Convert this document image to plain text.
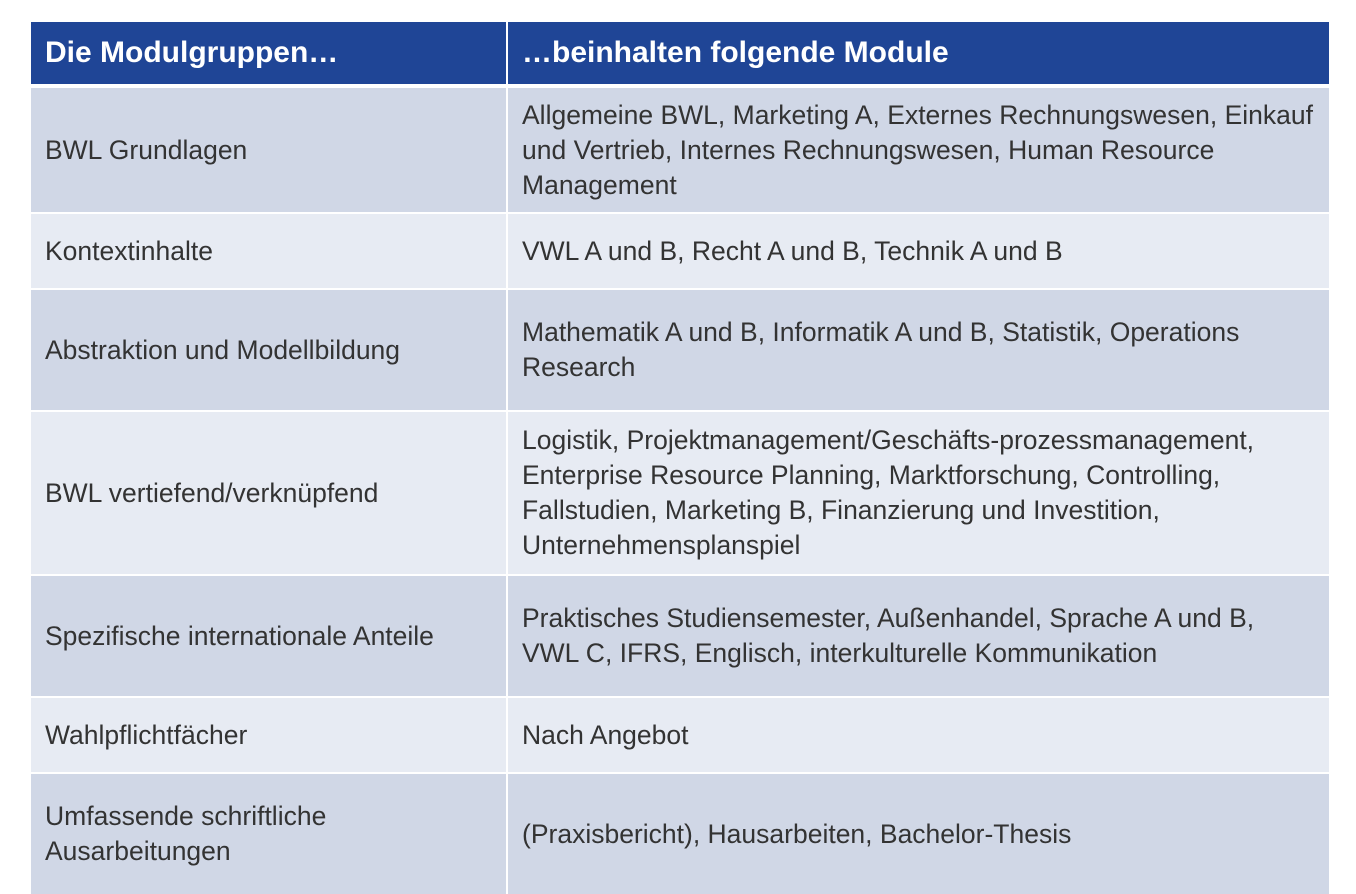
Die Modulgruppen…	…beinhalten folgende Module
BWL Grundlagen	Allgemeine BWL, Marketing A, Externes Rechnungswesen, Einkauf und Vertrieb, Internes Rechnungswesen, Human Resource Management
Kontextinhalte	VWL A und B, Recht A und B, Technik A und B
Abstraktion und Modellbildung	Mathematik A und B, Informatik A und B, Statistik, Operations Research
BWL vertiefend/verknüpfend	Logistik, Projektmanagement/Geschäfts-prozessmanagement, Enterprise Resource Planning, Marktforschung, Controlling, Fallstudien, Marketing B, Finanzierung und Investition, Unternehmensplanspiel
Spezifische internationale Anteile	Praktisches Studiensemester, Außenhandel, Sprache A und B, VWL C, IFRS, Englisch, interkulturelle Kommunikation
Wahlpflichtfächer	Nach Angebot
Umfassende schriftliche Ausarbeitungen	(Praxisbericht), Hausarbeiten, Bachelor-Thesis
